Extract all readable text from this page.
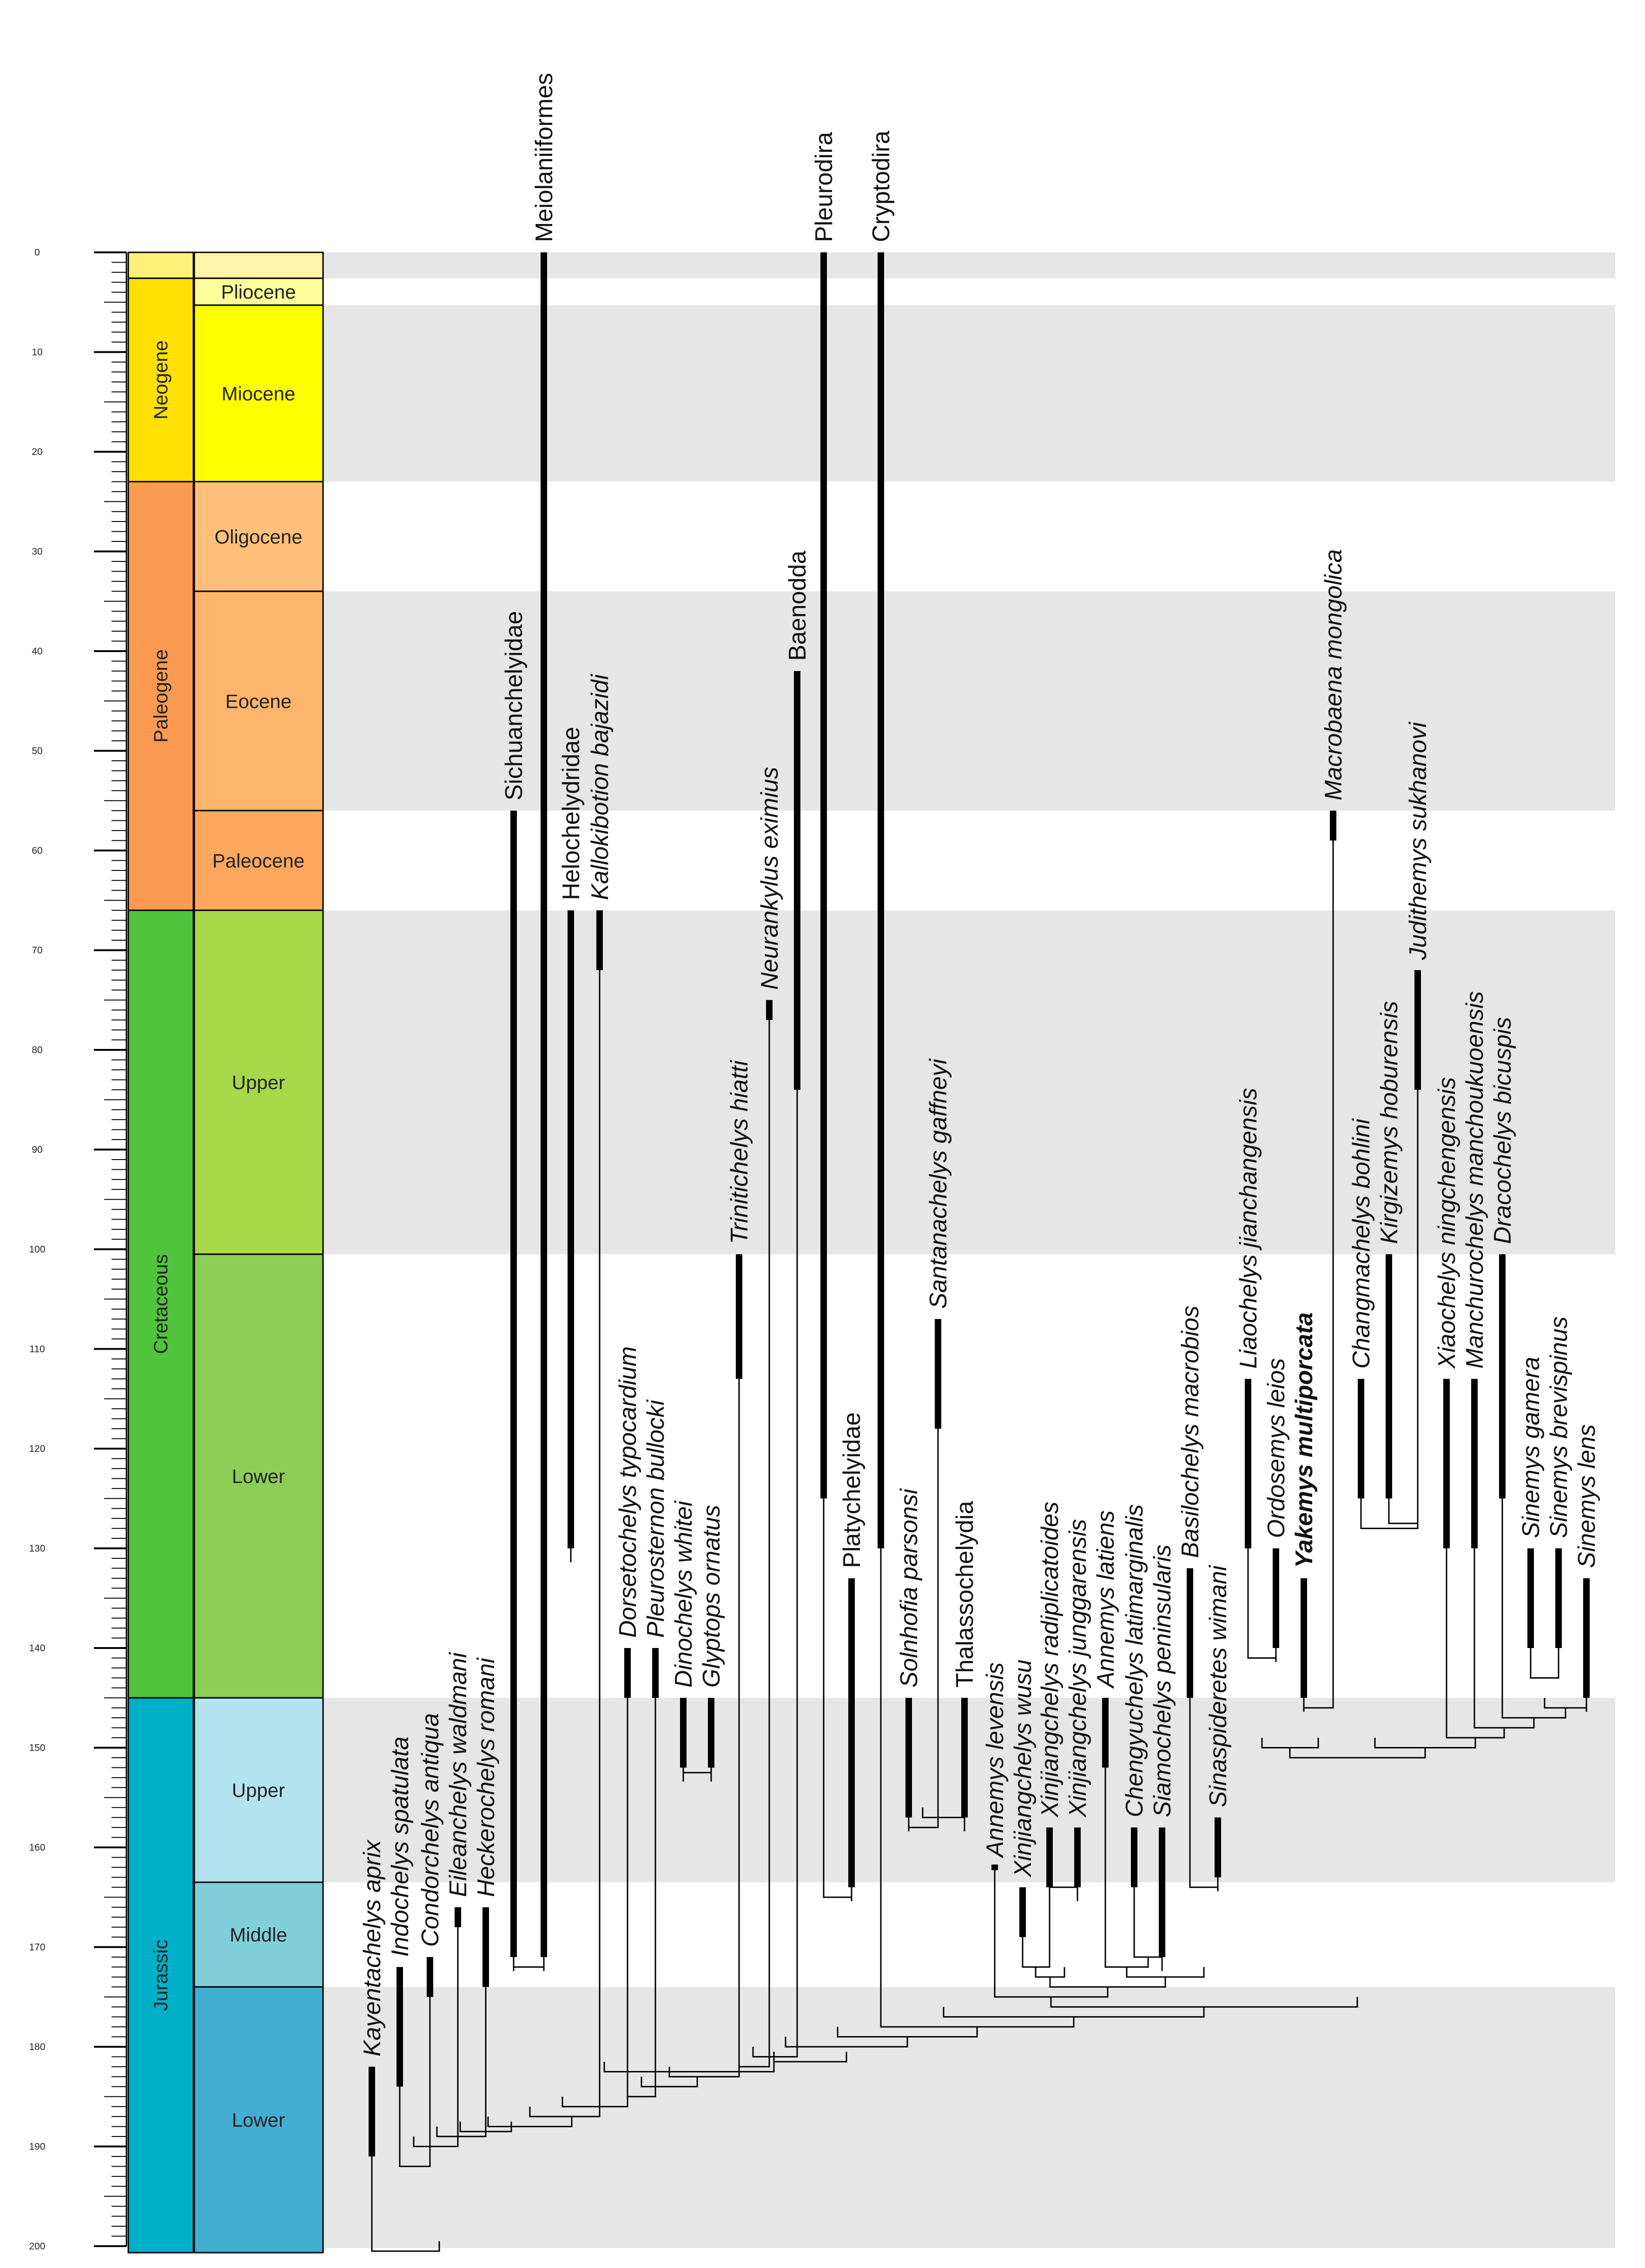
0
10
20
30
40
50
60
70
80
90
100
110
120
130
140
150
160
170
180
190
200
Neogene
Paleogene
Cretaceous
Jurassic
Pliocene
Miocene
Oligocene
Eocene
Paleocene
Upper
Lower
Upper
Middle
Lower
Kayentachelys aprix Indochelys spatulata Condorchelys antiqua Eileanchelys waldmani Heckerochelys romani
Sichuanchelyidae
Meiolaniiformes
Helochelydridae Kallokibotion bajazidi
Dorsetochelys typocardium Pleurosternon bullocki Dinochelys whitei Glyptops ornatus
Trinitichelys hiatti
Neurankylus eximius
Baenodda
Pleurodira Cryptodira
Platychelyidae Solnhofia parsonsi
Santanachelys gaffneyi
Thalassochelydia
Annemys levensis Xinjiangchelys wusu Xinjiangchelys radiplicatoides Xinjiangchelys junggarensis Annemys latiens Chengyuchelys latimarginalis Siamochelys peninsularis
Basilochelys macrobios
Sinaspideretes wimani
Liaochelys jianchangensis
Ordosemys leios Yakemys multiporcata
Macrobaena mongolica
Changmachelys bohlini Kirgizemys hoburensis
Judithemys sukhanovi
Xiaochelys ningchengensis Manchurochelys manchoukuoensis Dracochelys bicuspis
Sinemys gamera Sinemys brevispinus Sinemys lens
